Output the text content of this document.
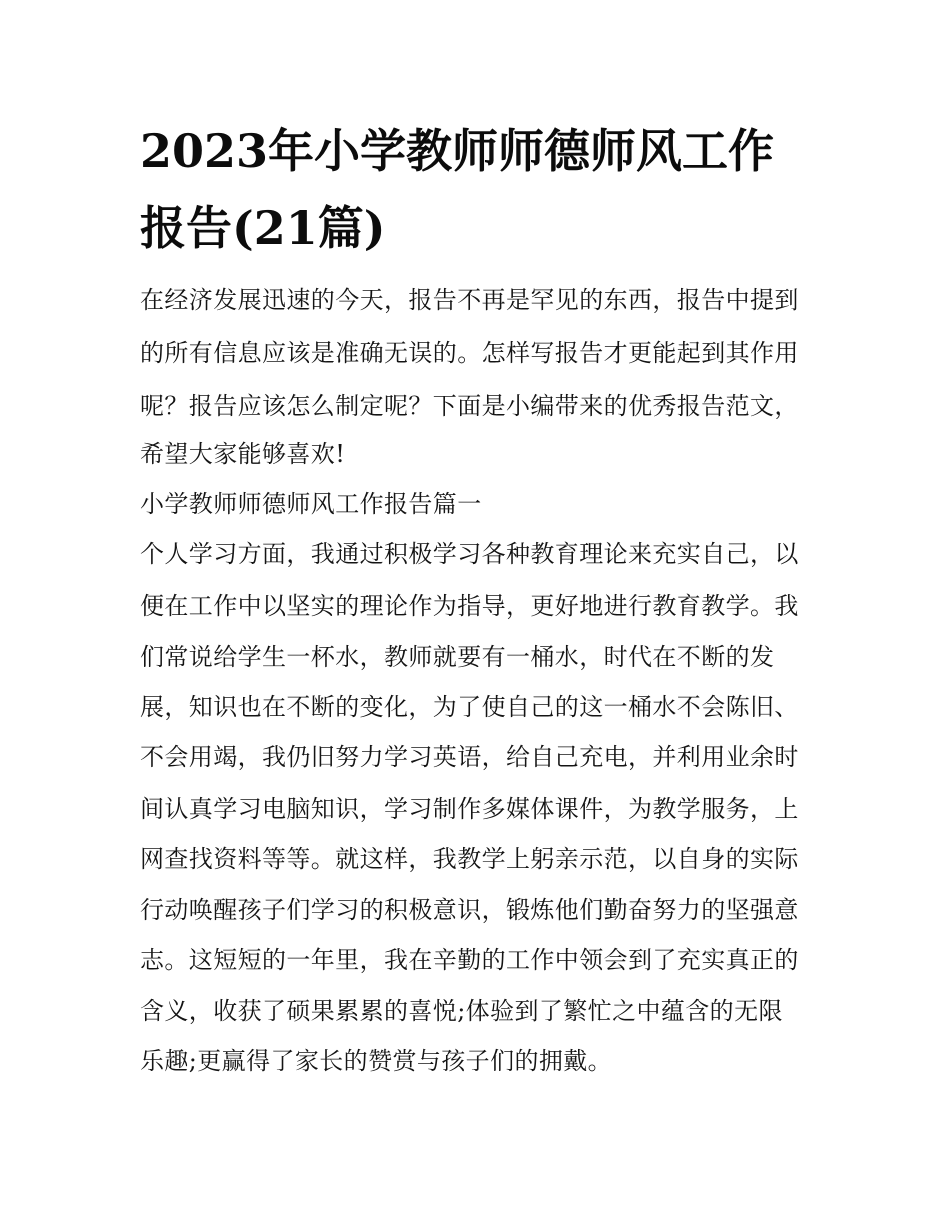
2023年小学教师师德师风工作
报告(21篇)
在经济发展迅速的今天，报告不再是罕见的东西，报告中提到
的所有信息应该是准确无误的。怎样写报告才更能起到其作用
呢？报告应该怎么制定呢？下面是小编带来的优秀报告范文，
希望大家能够喜欢!
小学教师师德师风工作报告篇一
个人学习方面，我通过积极学习各种教育理论来充实自己，以
便在工作中以坚实的理论作为指导，更好地进行教育教学。我
们常说给学生一杯水，教师就要有一桶水，时代在不断的发
展，知识也在不断的变化，为了使自己的这一桶水不会陈旧、
不会用竭，我仍旧努力学习英语，给自己充电，并利用业余时
间认真学习电脑知识，学习制作多媒体课件，为教学服务，上
网查找资料等等。就这样，我教学上躬亲示范，以自身的实际
行动唤醒孩子们学习的积极意识，锻炼他们勤奋努力的坚强意
志。这短短的一年里，我在辛勤的工作中领会到了充实真正的
含义，收获了硕果累累的喜悦;体验到了繁忙之中蕴含的无限
乐趣;更赢得了家长的赞赏与孩子们的拥戴。
